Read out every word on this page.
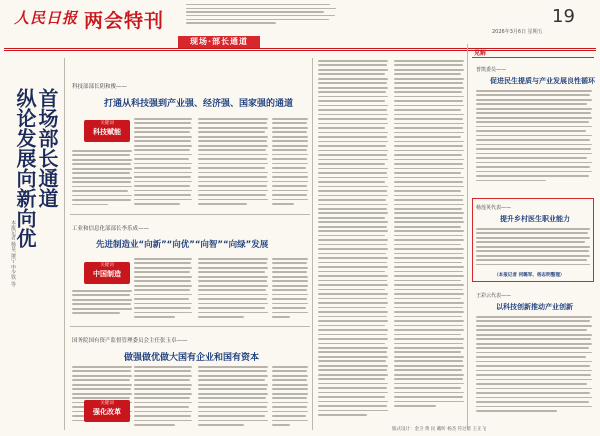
人民日报 两会特刊	19
2026年3月6日 星期五
现场·部长通道
首场部长通道
纵论发展向新向优
本报记者 杨昊 屠宁 申少铁 等
科技部部长阴和俊——
打通从科技强到产业强、经济强、国家强的通道
关键词
科技赋能
工业和信息化部部长李乐成——
先进制造业“向新”“向优”“向智”“向绿”发展
关键词
中国制造
国务院国有资产监督管理委员会主任张玉卓——
做强做优做大国有企业和国有资本
关键词
强化改革
见解
普凯委员——
促进民生提质与产业发展良性循环
杨莲英代表——
提升乡村医生职业能力
（本报记者 何璐军、杨志明整理）
王彩云代表——
以科技创新推动产业创新
版式设计：金卫 黄 民 戴昕 杨杰 符过者 王正飞
